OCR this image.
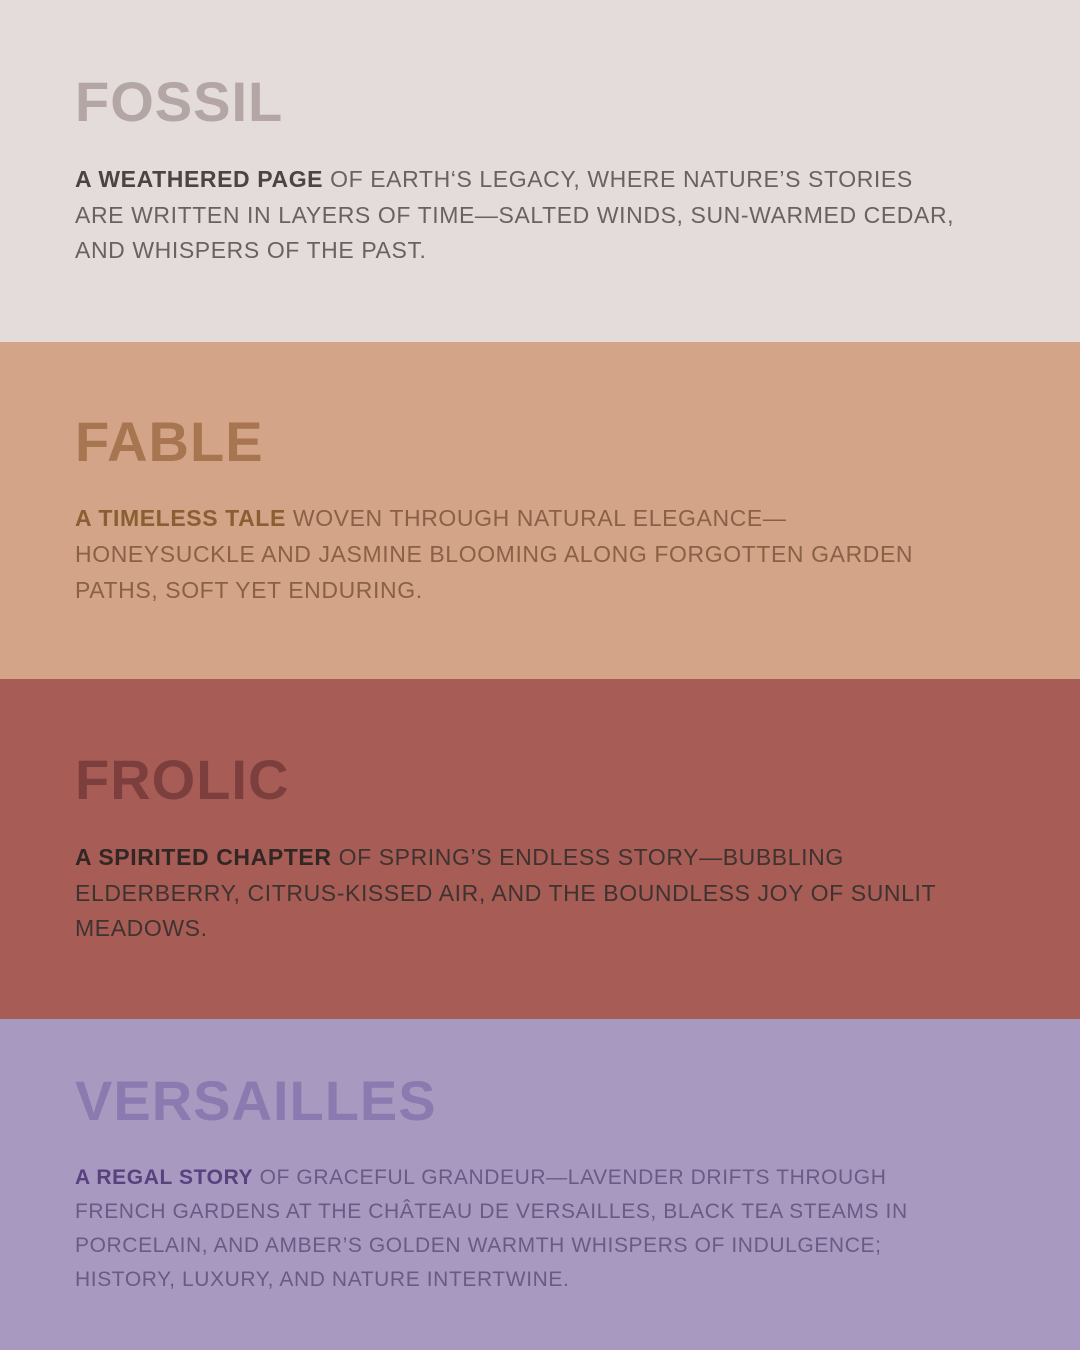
FOSSIL

A WEATHERED PAGE OF EARTH‘S LEGACY, WHERE NATURE’S STORIES ARE WRITTEN IN LAYERS OF TIME—SALTED WINDS, SUN-WARMED CEDAR, AND WHISPERS OF THE PAST.

FABLE

A TIMELESS TALE WOVEN THROUGH NATURAL ELEGANCE—HONEYSUCKLE AND JASMINE BLOOMING ALONG FORGOTTEN GARDEN PATHS, SOFT YET ENDURING.

FROLIC

A SPIRITED CHAPTER OF SPRING’S ENDLESS STORY—BUBBLING ELDERBERRY, CITRUS-KISSED AIR, AND THE BOUNDLESS JOY OF SUNLIT MEADOWS.

VERSAILLES

A REGAL STORY OF GRACEFUL GRANDEUR—LAVENDER DRIFTS THROUGH FRENCH GARDENS AT THE CHÂTEAU DE VERSAILLES, BLACK TEA STEAMS IN PORCELAIN, AND AMBER’S GOLDEN WARMTH WHISPERS OF INDULGENCE; HISTORY, LUXURY, AND NATURE INTERTWINE.
